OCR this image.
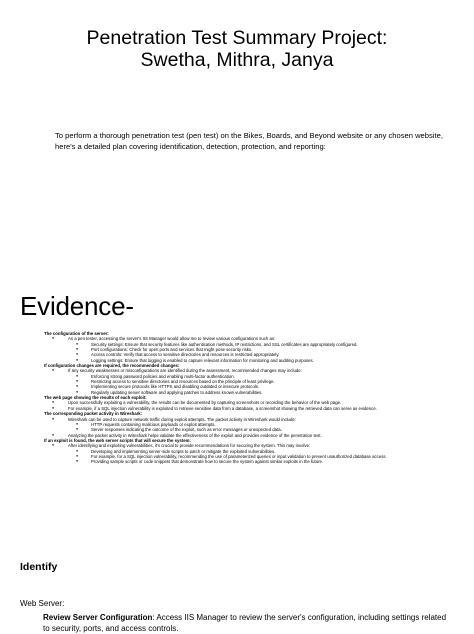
Penetration Test Summary Project:
Swetha, Mithra, Janya
To perform a thorough penetration test (pen test) on the Bikes, Boards, and Beyond website or any chosen website, here's a detailed plan covering identification, detection, protection, and reporting:
Evidence-
The configuration of the server:
● As a pen tester, accessing the server's IIS Manager would allow me to review various configurations such as:
● Security settings: Ensure that security features like authentication methods, IP restrictions, and SSL certificates are appropriately configured.
● Port configurations: Check for open ports and services that might pose security risks.
● Access controls: Verify that access to sensitive directories and resources is restricted appropriately.
● Logging settings: Ensure that logging is enabled to capture relevant information for monitoring and auditing purposes.
If configuration changes are required, the recommended changes:
● If any security weaknesses or misconfigurations are identified during the assessment, recommended changes may include:
● Enforcing strong password policies and enabling multi-factor authentication.
● Restricting access to sensitive directories and resources based on the principle of least privilege.
● Implementing secure protocols like HTTPS and disabling outdated or insecure protocols.
● Regularly updating server software and applying patches to address known vulnerabilities.
The web page showing the results of each exploit:
● Upon successfully exploiting a vulnerability, the results can be documented by capturing screenshots or recording the behavior of the web page.
● For example, if a SQL injection vulnerability is exploited to retrieve sensitive data from a database, a screenshot showing the retrieved data can serve as evidence.
The corresponding packet activity in Wireshark:
● Wireshark can be used to capture network traffic during exploit attempts. The packet activity in Wireshark would include:
● HTTP requests containing malicious payloads or exploit attempts.
● Server responses indicating the outcome of the exploit, such as error messages or unexpected data.
● Analyzing the packet activity in Wireshark helps validate the effectiveness of the exploit and provides evidence of the penetration test.
If an exploit is found, the web server scripts that will secure the system:
● After identifying and exploiting vulnerabilities, it's crucial to provide recommendations for securing the system. This may involve:
● Developing and implementing server-side scripts to patch or mitigate the exploited vulnerabilities.
● For example, for a SQL injection vulnerability, recommending the use of parameterized queries or input validation to prevent unauthorized database access.
● Providing sample scripts or code snippets that demonstrate how to secure the system against similar exploits in the future.
Identify
Web Server:
Review Server Configuration: Access IIS Manager to review the server's configuration, including settings related to security, ports, and access controls.
